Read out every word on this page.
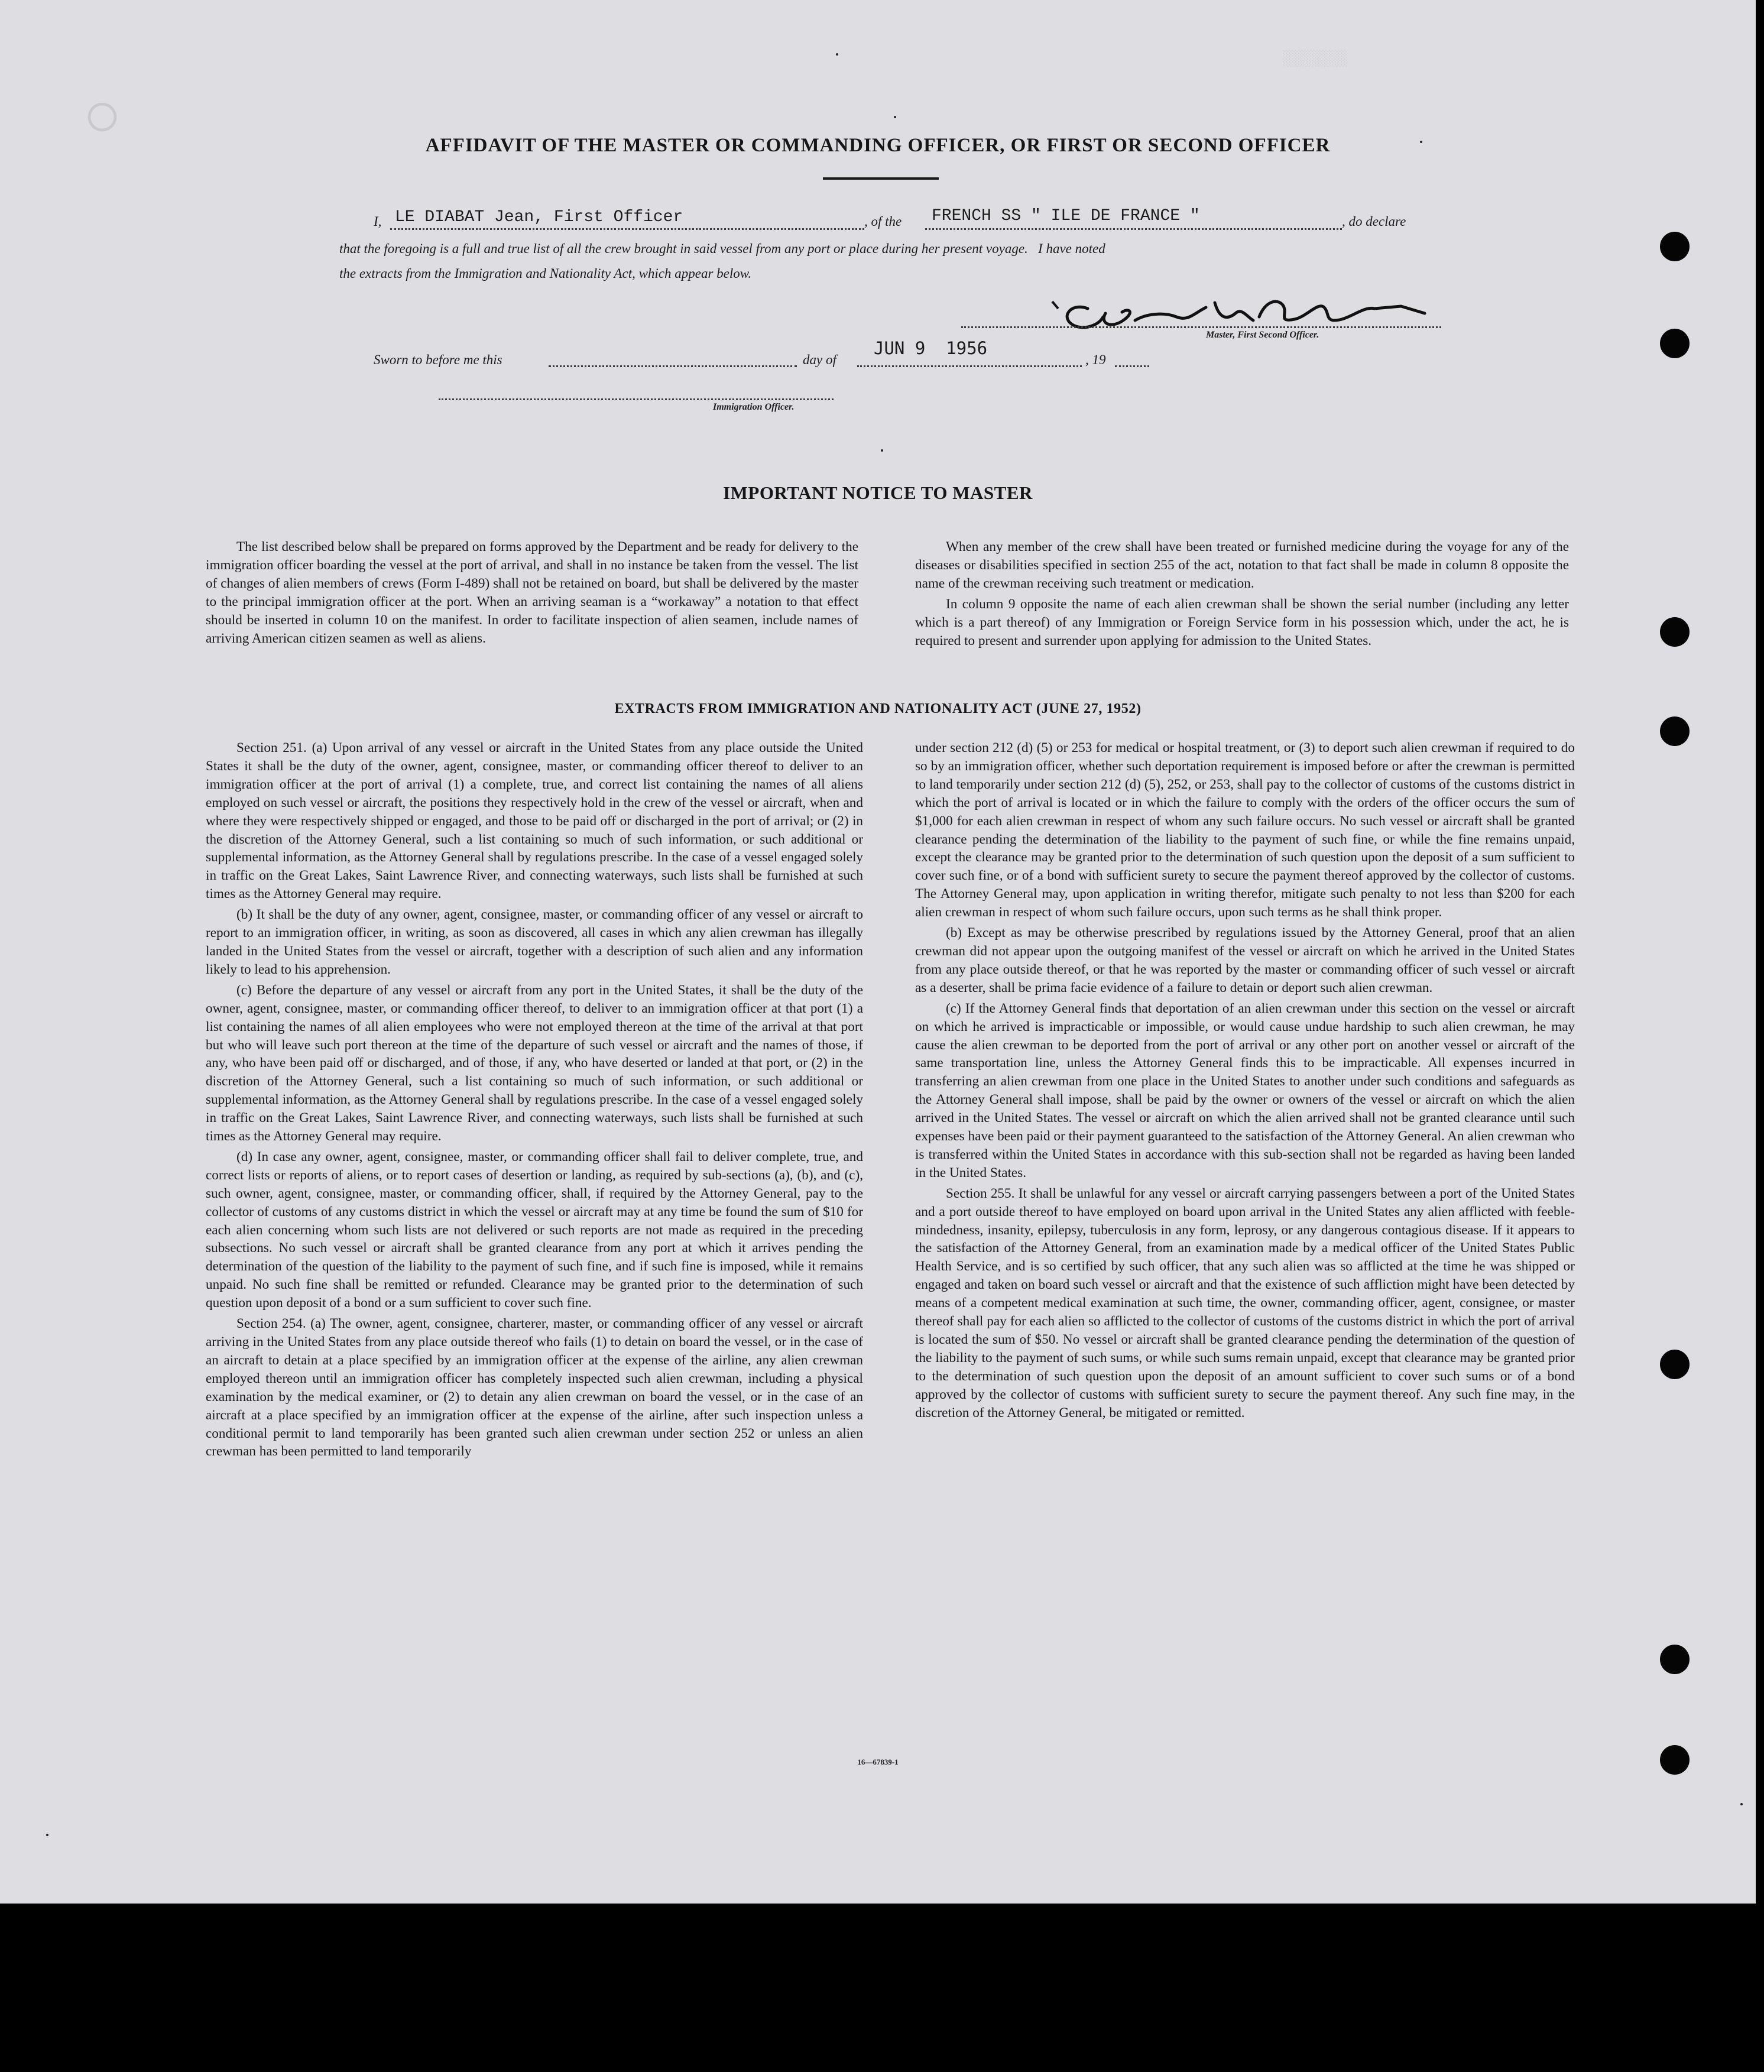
░░░░░░░
○	AFFIDAVIT OF THE MASTER OR COMMANDING OFFICER, OR FIRST OR SECOND OFFICER
I, LE DIABAT Jean, First Officer	, of the FRENCH SS " ILE DE FRANCE "	, do declare
that the foregoing is a full and true list of all the crew brought in said vessel from any port or place during her present voyage.   I have noted
the extracts from the Immigration and Nationality Act, which appear below.
Master, First Second Officer.
Sworn to before me this	day of
JUN 9  1956
, 19
Immigration Officer.
IMPORTANT NOTICE TO MASTER

The list described below shall be prepared on forms approved by the Department and be ready for delivery to the immigration officer boarding the vessel at the port of arrival, and shall in no instance be taken from the vessel. The list of changes of alien members of crews (Form I-489) shall not be retained on board, but shall be delivered by the master to the principal immigration officer at the port. When an arriving seaman is a “workaway” a notation to that effect should be inserted in column 10 on the manifest. In order to facilitate inspection of alien seamen, include names of arriving American citizen seamen as well as aliens.

When any member of the crew shall have been treated or furnished medicine during the voyage for any of the diseases or disabilities specified in section 255 of the act, notation to that fact shall be made in column 8 opposite the name of the crewman receiving such treatment or medication.

In column 9 opposite the name of each alien crewman shall be shown the serial number (including any letter which is a part thereof) of any Immigration or Foreign Service form in his possession which, under the act, he is required to present and surrender upon applying for admission to the United States.

EXTRACTS FROM IMMIGRATION AND NATIONALITY ACT (JUNE 27, 1952)

Section 251. (a) Upon arrival of any vessel or aircraft in the United States from any place outside the United States it shall be the duty of the owner, agent, consignee, master, or commanding officer thereof to deliver to an immigration officer at the port of arrival (1) a complete, true, and correct list containing the names of all aliens employed on such vessel or aircraft, the positions they respectively hold in the crew of the vessel or aircraft, when and where they were respectively shipped or engaged, and those to be paid off or discharged in the port of arrival; or (2) in the discretion of the Attorney General, such a list containing so much of such information, or such additional or supplemental information, as the Attorney General shall by regulations prescribe. In the case of a vessel engaged solely in traffic on the Great Lakes, Saint Lawrence River, and connecting waterways, such lists shall be furnished at such times as the Attorney General may require.

(b) It shall be the duty of any owner, agent, consignee, master, or commanding officer of any vessel or aircraft to report to an immigration officer, in writing, as soon as discovered, all cases in which any alien crewman has illegally landed in the United States from the vessel or aircraft, together with a description of such alien and any information likely to lead to his apprehension.

(c) Before the departure of any vessel or aircraft from any port in the United States, it shall be the duty of the owner, agent, consignee, master, or commanding officer thereof, to deliver to an immigration officer at that port (1) a list containing the names of all alien employees who were not employed thereon at the time of the arrival at that port but who will leave such port thereon at the time of the departure of such vessel or aircraft and the names of those, if any, who have been paid off or discharged, and of those, if any, who have deserted or landed at that port, or (2) in the discretion of the Attorney General, such a list containing so much of such information, or such additional or supplemental information, as the Attorney General shall by regulations prescribe. In the case of a vessel engaged solely in traffic on the Great Lakes, Saint Lawrence River, and connecting waterways, such lists shall be furnished at such times as the Attorney General may require.

(d) In case any owner, agent, consignee, master, or commanding officer shall fail to deliver complete, true, and correct lists or reports of aliens, or to report cases of desertion or landing, as required by sub-sections (a), (b), and (c), such owner, agent, consignee, master, or commanding officer, shall, if required by the Attorney General, pay to the collector of customs of any customs district in which the vessel or aircraft may at any time be found the sum of $10 for each alien concerning whom such lists are not delivered or such reports are not made as required in the preceding subsections. No such vessel or aircraft shall be granted clearance from any port at which it arrives pending the determination of the question of the liability to the payment of such fine, and if such fine is imposed, while it remains unpaid. No such fine shall be remitted or refunded. Clearance may be granted prior to the determination of such question upon deposit of a bond or a sum sufficient to cover such fine.

Section 254. (a) The owner, agent, consignee, charterer, master, or commanding officer of any vessel or aircraft arriving in the United States from any place outside thereof who fails (1) to detain on board the vessel, or in the case of an aircraft to detain at a place specified by an immigration officer at the expense of the airline, any alien crewman employed thereon until an immigration officer has completely inspected such alien crewman, including a physical examination by the medical examiner, or (2) to detain any alien crewman on board the vessel, or in the case of an aircraft at a place specified by an immigration officer at the expense of the airline, after such inspection unless a conditional permit to land temporarily has been granted such alien crewman under section 252 or unless an alien crewman has been permitted to land temporarily

under section 212 (d) (5) or 253 for medical or hospital treatment, or (3) to deport such alien crewman if required to do so by an immigration officer, whether such deportation requirement is imposed before or after the crewman is permitted to land temporarily under section 212 (d) (5), 252, or 253, shall pay to the collector of customs of the customs district in which the port of arrival is located or in which the failure to comply with the orders of the officer occurs the sum of $1,000 for each alien crewman in respect of whom any such failure occurs. No such vessel or aircraft shall be granted clearance pending the determination of the liability to the payment of such fine, or while the fine remains unpaid, except the clearance may be granted prior to the determination of such question upon the deposit of a sum sufficient to cover such fine, or of a bond with sufficient surety to secure the payment thereof approved by the collector of customs. The Attorney General may, upon application in writing therefor, mitigate such penalty to not less than $200 for each alien crewman in respect of whom such failure occurs, upon such terms as he shall think proper.

(b) Except as may be otherwise prescribed by regulations issued by the Attorney General, proof that an alien crewman did not appear upon the outgoing manifest of the vessel or aircraft on which he arrived in the United States from any place outside thereof, or that he was reported by the master or commanding officer of such vessel or aircraft as a deserter, shall be prima facie evidence of a failure to detain or deport such alien crewman.

(c) If the Attorney General finds that deportation of an alien crewman under this section on the vessel or aircraft on which he arrived is impracticable or impossible, or would cause undue hardship to such alien crewman, he may cause the alien crewman to be deported from the port of arrival or any other port on another vessel or aircraft of the same transportation line, unless the Attorney General finds this to be impracticable. All expenses incurred in transferring an alien crewman from one place in the United States to another under such conditions and safeguards as the Attorney General shall impose, shall be paid by the owner or owners of the vessel or aircraft on which the alien arrived in the United States. The vessel or aircraft on which the alien arrived shall not be granted clearance until such expenses have been paid or their payment guaranteed to the satisfaction of the Attorney General. An alien crewman who is transferred within the United States in accordance with this sub-section shall not be regarded as having been landed in the United States.

Section 255. It shall be unlawful for any vessel or aircraft carrying passengers between a port of the United States and a port outside thereof to have employed on board upon arrival in the United States any alien afflicted with feeble-mindedness, insanity, epilepsy, tuberculosis in any form, leprosy, or any dangerous contagious disease. If it appears to the satisfaction of the Attorney General, from an examination made by a medical officer of the United States Public Health Service, and is so certified by such officer, that any such alien was so afflicted at the time he was shipped or engaged and taken on board such vessel or aircraft and that the existence of such affliction might have been detected by means of a competent medical examination at such time, the owner, commanding officer, agent, consignee, or master thereof shall pay for each alien so afflicted to the collector of customs of the customs district in which the port of arrival is located the sum of $50. No vessel or aircraft shall be granted clearance pending the determination of the question of the liability to the payment of such sums, or while such sums remain unpaid, except that clearance may be granted prior to the determination of such question upon the deposit of an amount sufficient to cover such sums or of a bond approved by the collector of customs with sufficient surety to secure the payment thereof. Any such fine may, in the discretion of the Attorney General, be mitigated or remitted.

16—67839-1
